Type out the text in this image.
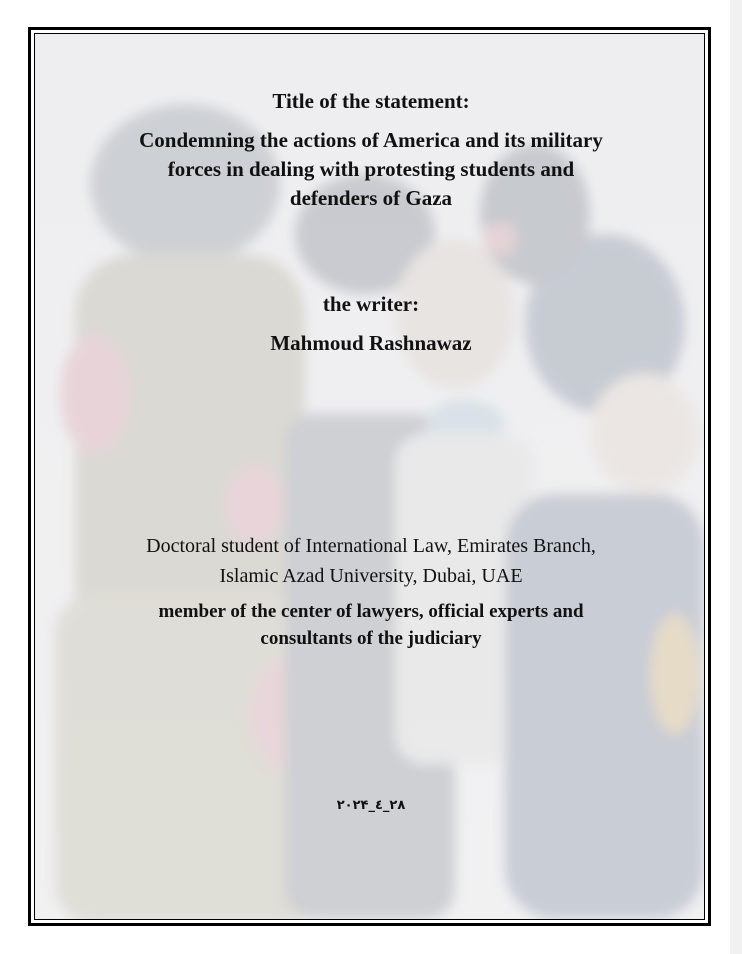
Title of the statement:
Condemning the actions of America and its military
forces in dealing with protesting students and
defenders of Gaza
the writer:
Mahmoud Rashnawaz
Doctoral student of International Law, Emirates Branch,
Islamic Azad University, Dubai, UAE
member of the center of lawyers, official experts and
consultants of the judiciary
۲۰۲۴_٤_۲۸
